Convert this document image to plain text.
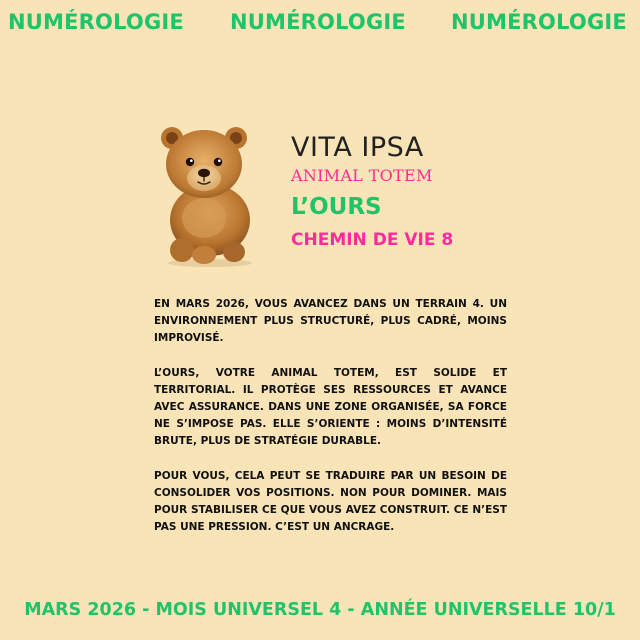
NUMÉROLOGIE NUMÉROLOGIE NUMÉROLOGIE
VITA IPSA
ANIMAL TOTEM
L’OURS
CHEMIN DE VIE 8

EN MARS 2026, VOUS AVANCEZ DANS UN TERRAIN 4. UN ENVIRONNEMENT PLUS STRUCTURÉ, PLUS CADRÉ, MOINS IMPROVISÉ.

L’OURS, VOTRE ANIMAL TOTEM, EST SOLIDE ET TERRITORIAL. IL PROTÈGE SES RESSOURCES ET AVANCE AVEC ASSURANCE. DANS UNE ZONE ORGANISÉE, SA FORCE NE S’IMPOSE PAS. ELLE S’ORIENTE : MOINS D’INTENSITÉ BRUTE, PLUS DE STRATÉGIE DURABLE.

POUR VOUS, CELA PEUT SE TRADUIRE PAR UN BESOIN DE CONSOLIDER VOS POSITIONS. NON POUR DOMINER. MAIS POUR STABILISER CE QUE VOUS AVEZ CONSTRUIT. CE N’EST PAS UNE PRESSION. C’EST UN ANCRAGE.

MARS 2026 - MOIS UNIVERSEL 4 - ANNÉE UNIVERSELLE 10/1
